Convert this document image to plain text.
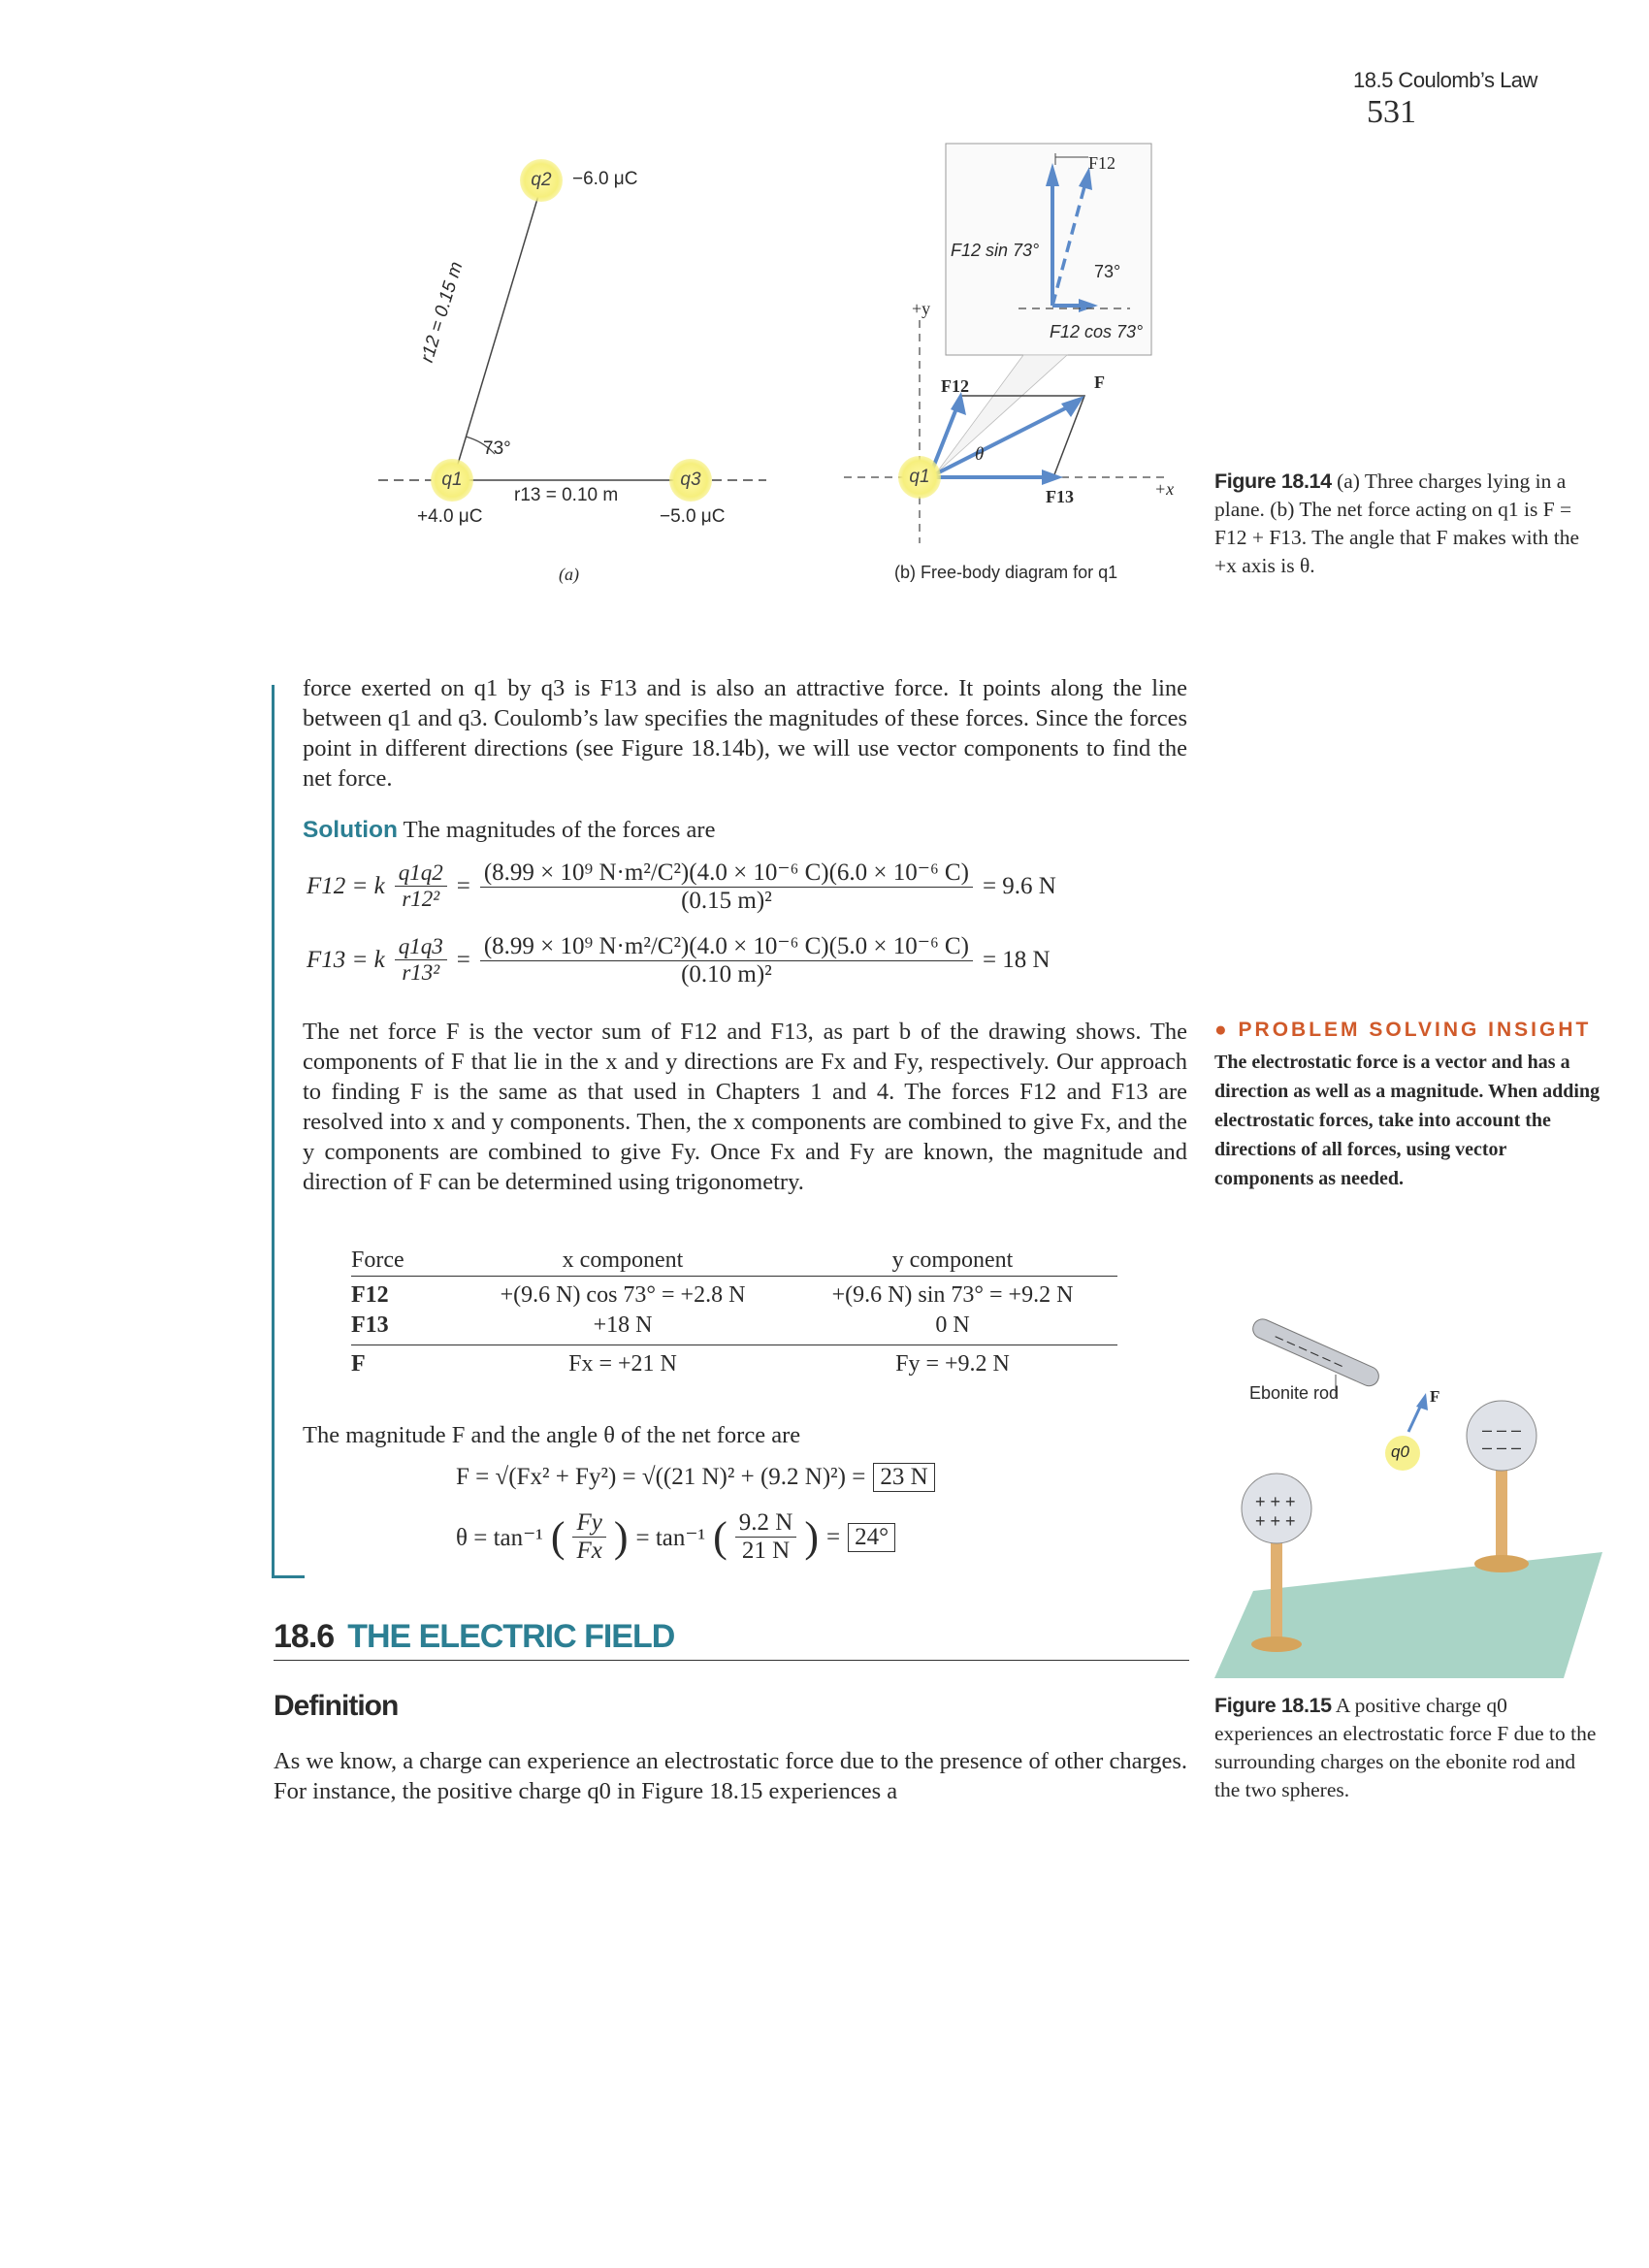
18.5 Coulomb’s Law 531
q2	−6.0 μC
r12 = 0.15 m
73°
q1	q3
r13 = 0.10 m
+4.0 μC	−5.0 μC
(a)
F12
F12 sin 73°
73°
F12 cos 73°
+y
F12	F
θ
q1
F13	+x
(b) Free-body diagram for q1
Figure 18.14 (a) Three charges lying in a plane. (b) The net force acting on q1 is F = F12 + F13. The angle that F makes with the +x axis is θ.
force exerted on q1 by q3 is F13 and is also an attractive force. It points along the line between q1 and q3. Coulomb’s law specifies the magnitudes of these forces. Since the forces point in different directions (see Figure 18.14b), we will use vector components to find the net force.
Solution The magnitudes of the forces are
F12 = k $\frac{q1q2}{\text{r12²}} = \frac{\text{(8.99 × 10⁹ N·m²/C²)(4.0 × 10⁻⁶ C)(6.0 × 10⁻⁶ C)}}{\text{(0.15 m)²}} = 9.6$ N
F13 = k $\frac{q1q3}{\text{r13²}} = \frac{\text{(8.99 × 10⁹ N·m²/C²)(4.0 × 10⁻⁶ C)(5.0 × 10⁻⁶ C)}}{\text{(0.10 m)²}} = 18$ N
The net force F is the vector sum of F12 and F13, as part b of the drawing shows. The components of F that lie in the x and y directions are Fx and Fy, respectively. Our approach to finding F is the same as that used in Chapters 1 and 4. The forces F12 and F13 are resolved into x and y components. Then, the x components are combined to give Fx, and the y components are combined to give Fy. Once Fx and Fy are known, the magnitude and direction of F can be determined using trigonometry.
Force	x component	y component
F12	+(9.6 N) cos 73° = +2.8 N	+(9.6 N) sin 73° = +9.2 N
F13	+18 N	0 N
F	Fx = +21 N	Fy = +9.2 N
The magnitude F and the angle θ of the net force are
F = √(Fx² + Fy²) = √((21 N)² + (9.2 N)²) = 23 N
θ = tan⁻¹ ( $\frac{Fy}{Fx}$ ) = tan⁻¹ ( $\frac{9.2 N}{21 N}$ ) = 24°
● PROBLEM SOLVING INSIGHT
The electrostatic force is a vector and has a direction as well as a magnitude. When adding electrostatic forces, take into account the directions of all forces, using vector components as needed.
– – – – – –
– – –
– – –
+ + +
+ + +
Ebonite rod
q0
F
Figure 18.15 A positive charge q0 experiences an electrostatic force F due to the surrounding charges on the ebonite rod and the two spheres.
18.6 THE ELECTRIC FIELD
Definition
As we know, a charge can experience an electrostatic force due to the presence of other charges. For instance, the positive charge q0 in Figure 18.15 experiences a
